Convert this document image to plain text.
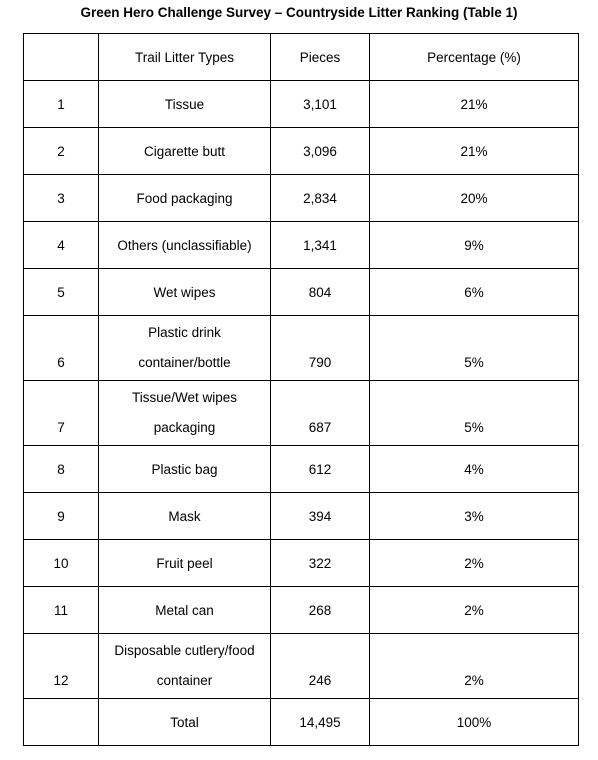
Green Hero Challenge Survey – Countryside Litter Ranking (Table 1)
	Trail Litter Types	Pieces	Percentage (%)
1	Tissue	3,101	21%
2	Cigarette butt	3,096	21%
3	Food packaging	2,834	20%
4	Others (unclassifiable)	1,341	9%
5	Wet wipes	804	6%
6	Plastic drink
container/bottle	790	5%
7	Tissue/Wet wipes
packaging	687	5%
8	Plastic bag	612	4%
9	Mask	394	3%
10	Fruit peel	322	2%
11	Metal can	268	2%
12	Disposable cutlery/food
container	246	2%
	Total	14,495	100%
